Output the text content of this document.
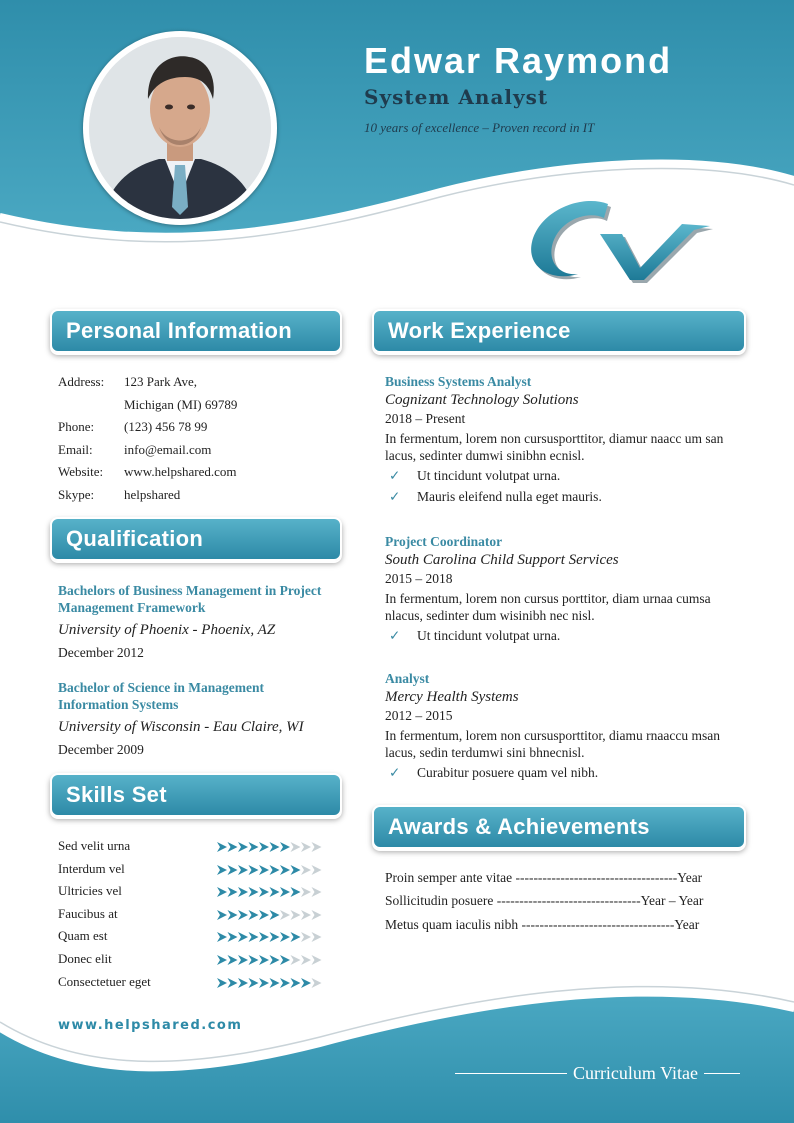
Edwar Raymond
System Analyst
10 years of excellence – Proven record in IT
Personal Information
Address: 123 Park Ave,
Michigan (MI) 69789
Phone: (123) 456 78 99
Email: info@email.com
Website: www.helpshared.com
Skype: helpshared
Qualification
Bachelors of Business Management in Project Management Framework
University of Phoenix - Phoenix, AZ
December 2012
Bachelor of Science in Management Information Systems
University of Wisconsin - Eau Claire, WI
December 2009
Skills Set
Sed velit urna
Interdum vel
Ultricies vel
Faucibus at
Quam est
Donec elit
Consectetuer eget
Work Experience
Business Systems Analyst
Cognizant Technology Solutions
2018 – Present
In fermentum, lorem non cursusporttitor, diamur naacc um san lacus, sedinter dumwi sinibhn ecnisl.
✓ Ut tincidunt volutpat urna.
✓ Mauris eleifend nulla eget mauris.
Project Coordinator
South Carolina Child Support Services
2015 – 2018
In fermentum, lorem non cursus porttitor, diam urnaa cumsa nlacus, sedinter dum wisinibh nec nisl.
✓ Ut tincidunt volutpat urna.
Analyst
Mercy Health Systems
2012 – 2015
In fermentum, lorem non cursusporttitor, diamu rnaaccu msan lacus, sedin terdumwi sini bhnecnisl.
✓ Curabitur posuere quam vel nibh.
Awards & Achievements
Proin semper ante vitae ------------------------------------Year
Sollicitudin posuere --------------------------------Year – Year
Metus quam iaculis nibh ----------------------------------Year
www.helpshared.com
Curriculum Vitae
